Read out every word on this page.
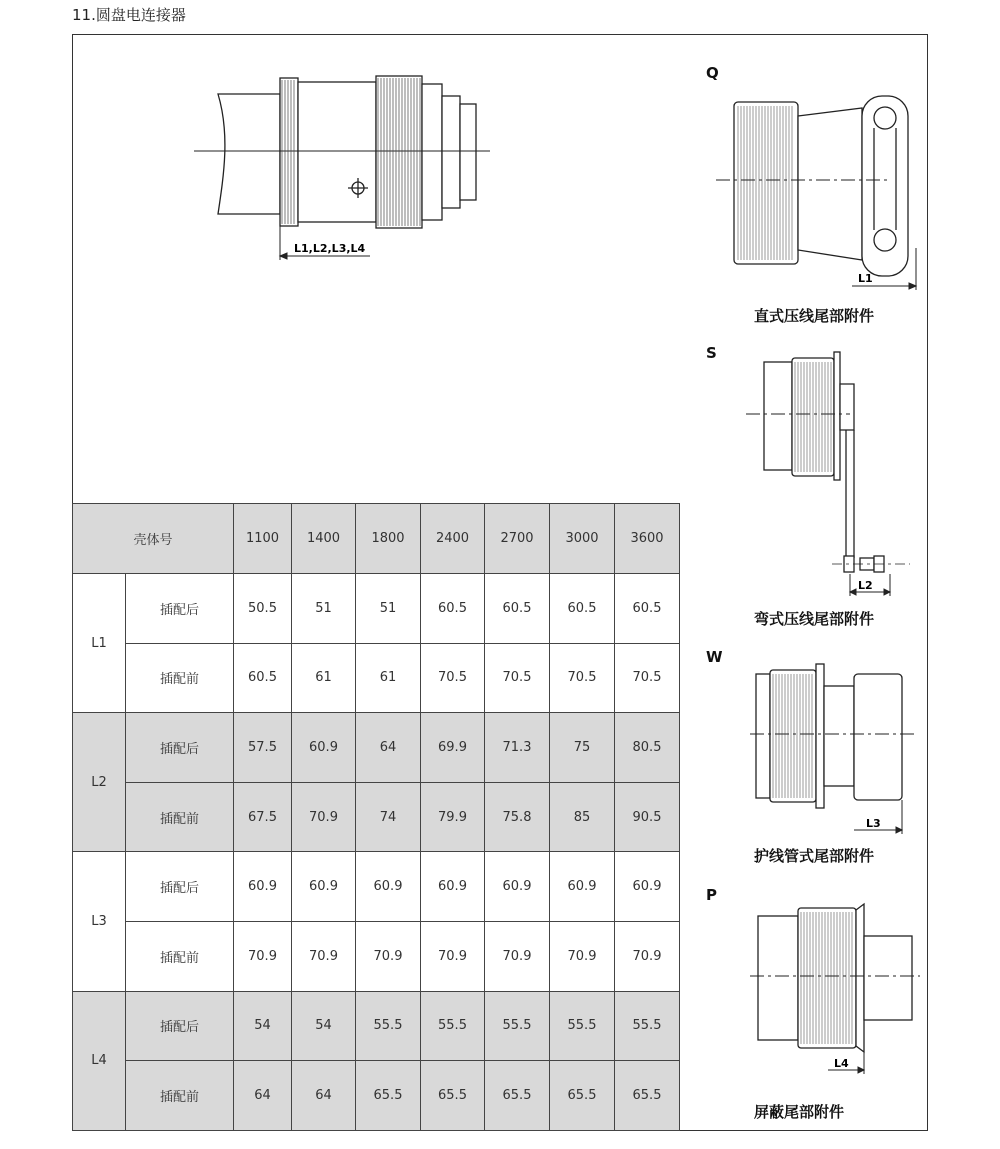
11.圆盘电连接器
L1,L2,L3,L4
壳体号		1100	1400	1800	2400	2700	3000	3600
L1	插配后	50.5	51	51	60.5	60.5	60.5	60.5
	插配前	60.5	61	61	70.5	70.5	70.5	70.5
L2	插配后	57.5	60.9	64	69.9	71.3	75	80.5
	插配前	67.5	70.9	74	79.9	75.8	85	90.5
L3	插配后	60.9	60.9	60.9	60.9	60.9	60.9	60.9
	插配前	70.9	70.9	70.9	70.9	70.9	70.9	70.9
L4	插配后	54	54	55.5	55.5	55.5	55.5	55.5
	插配前	64	64	65.5	65.5	65.5	65.5	65.5
Q
L1
直式压线尾部附件
S
L2
弯式压线尾部附件
W
L3
护线管式尾部附件
P
L4
屏蔽尾部附件
